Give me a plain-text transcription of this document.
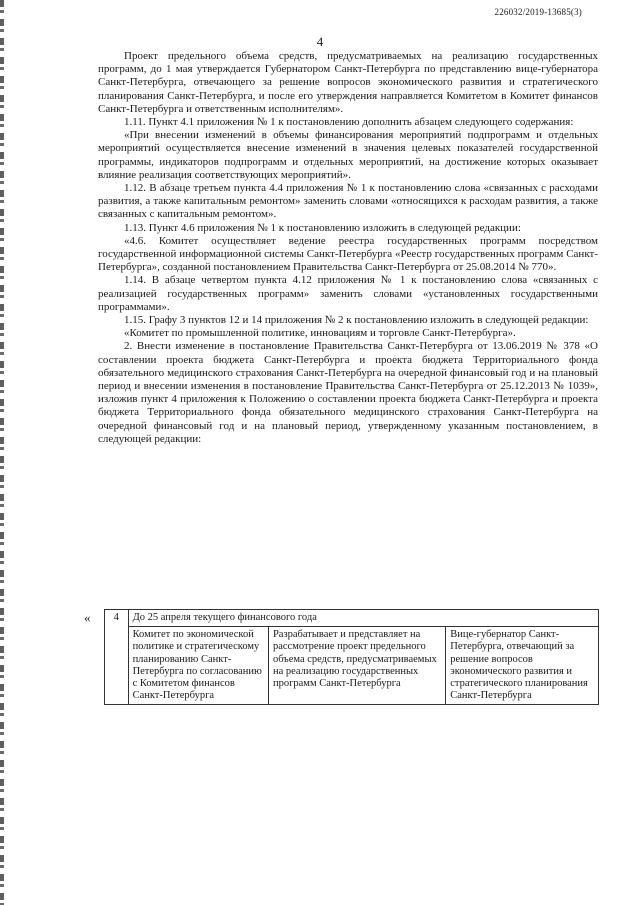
226032/2019-13685(3)
4

Проект предельного объема средств, предусматриваемых на реализацию государственных программ, до 1 мая утверждается Губернатором Санкт-Петербурга по представлению вице-губернатора Санкт-Петербурга, отвечающего за решение вопросов экономического развития и стратегического планирования Санкт-Петербурга, и после его утверждения направляется Комитетом в Комитет финансов Санкт-Петербурга и ответственным исполнителям».

1.11. Пункт 4.1 приложения № 1 к постановлению дополнить абзацем следующего содержания:

«При внесении изменений в объемы финансирования мероприятий подпрограмм и отдельных мероприятий осуществляется внесение изменений в значения целевых показателей государственной программы, индикаторов подпрограмм и отдельных мероприятий, на достижение которых оказывает влияние реализация соответствующих мероприятий».

1.12. В абзаце третьем пункта 4.4 приложения № 1 к постановлению слова «связанных с расходами развития, а также капитальным ремонтом» заменить словами «относящихся к расходам развития, а также связанных с капитальным ремонтом».

1.13. Пункт 4.6 приложения № 1 к постановлению изложить в следующей редакции:

«4.6. Комитет осуществляет ведение реестра государственных программ посредством государственной информационной системы Санкт-Петербурга «Реестр государственных программ Санкт-Петербурга», созданной постановлением Правительства Санкт-Петербурга от 25.08.2014 № 770».

1.14. В абзаце четвертом пункта 4.12 приложения № 1 к постановлению слова «связанных с реализацией государственных программ» заменить словами «установленных государственными программами».

1.15. Графу 3 пунктов 12 и 14 приложения № 2 к постановлению изложить в следующей редакции:

«Комитет по промышленной политике, инновациям и торговле Санкт-Петербурга».

2. Внести изменение в постановление Правительства Санкт-Петербурга от 13.06.2019 № 378 «О составлении проекта бюджета Санкт-Петербурга и проекта бюджета Территориального фонда обязательного медицинского страхования Санкт-Петербурга на очередной финансовый год и на плановый период и внесении изменения в постановление Правительства Санкт-Петербурга от 25.12.2013 № 1039», изложив пункт 4 приложения к Положению о составлении проекта бюджета Санкт-Петербурга и проекта бюджета Территориального фонда обязательного медицинского страхования Санкт-Петербурга на очередной финансовый год и на плановый период, утвержденному указанным постановлением, в следующей редакции:

« 4	До 25 апреля текущего финансового года		
	Комитет по экономической политике и стратегическому планированию Санкт-Петербурга по согласованию с Комитетом финансов Санкт-Петербурга	Разрабатывает и представляет на рассмотрение проект предельного объема средств, предусматриваемых на реализацию государственных программ Санкт-Петербурга	Вице-губернатор Санкт-Петербурга, отвечающий за решение вопросов экономического развития и стратегического планирования Санкт-Петербурга
